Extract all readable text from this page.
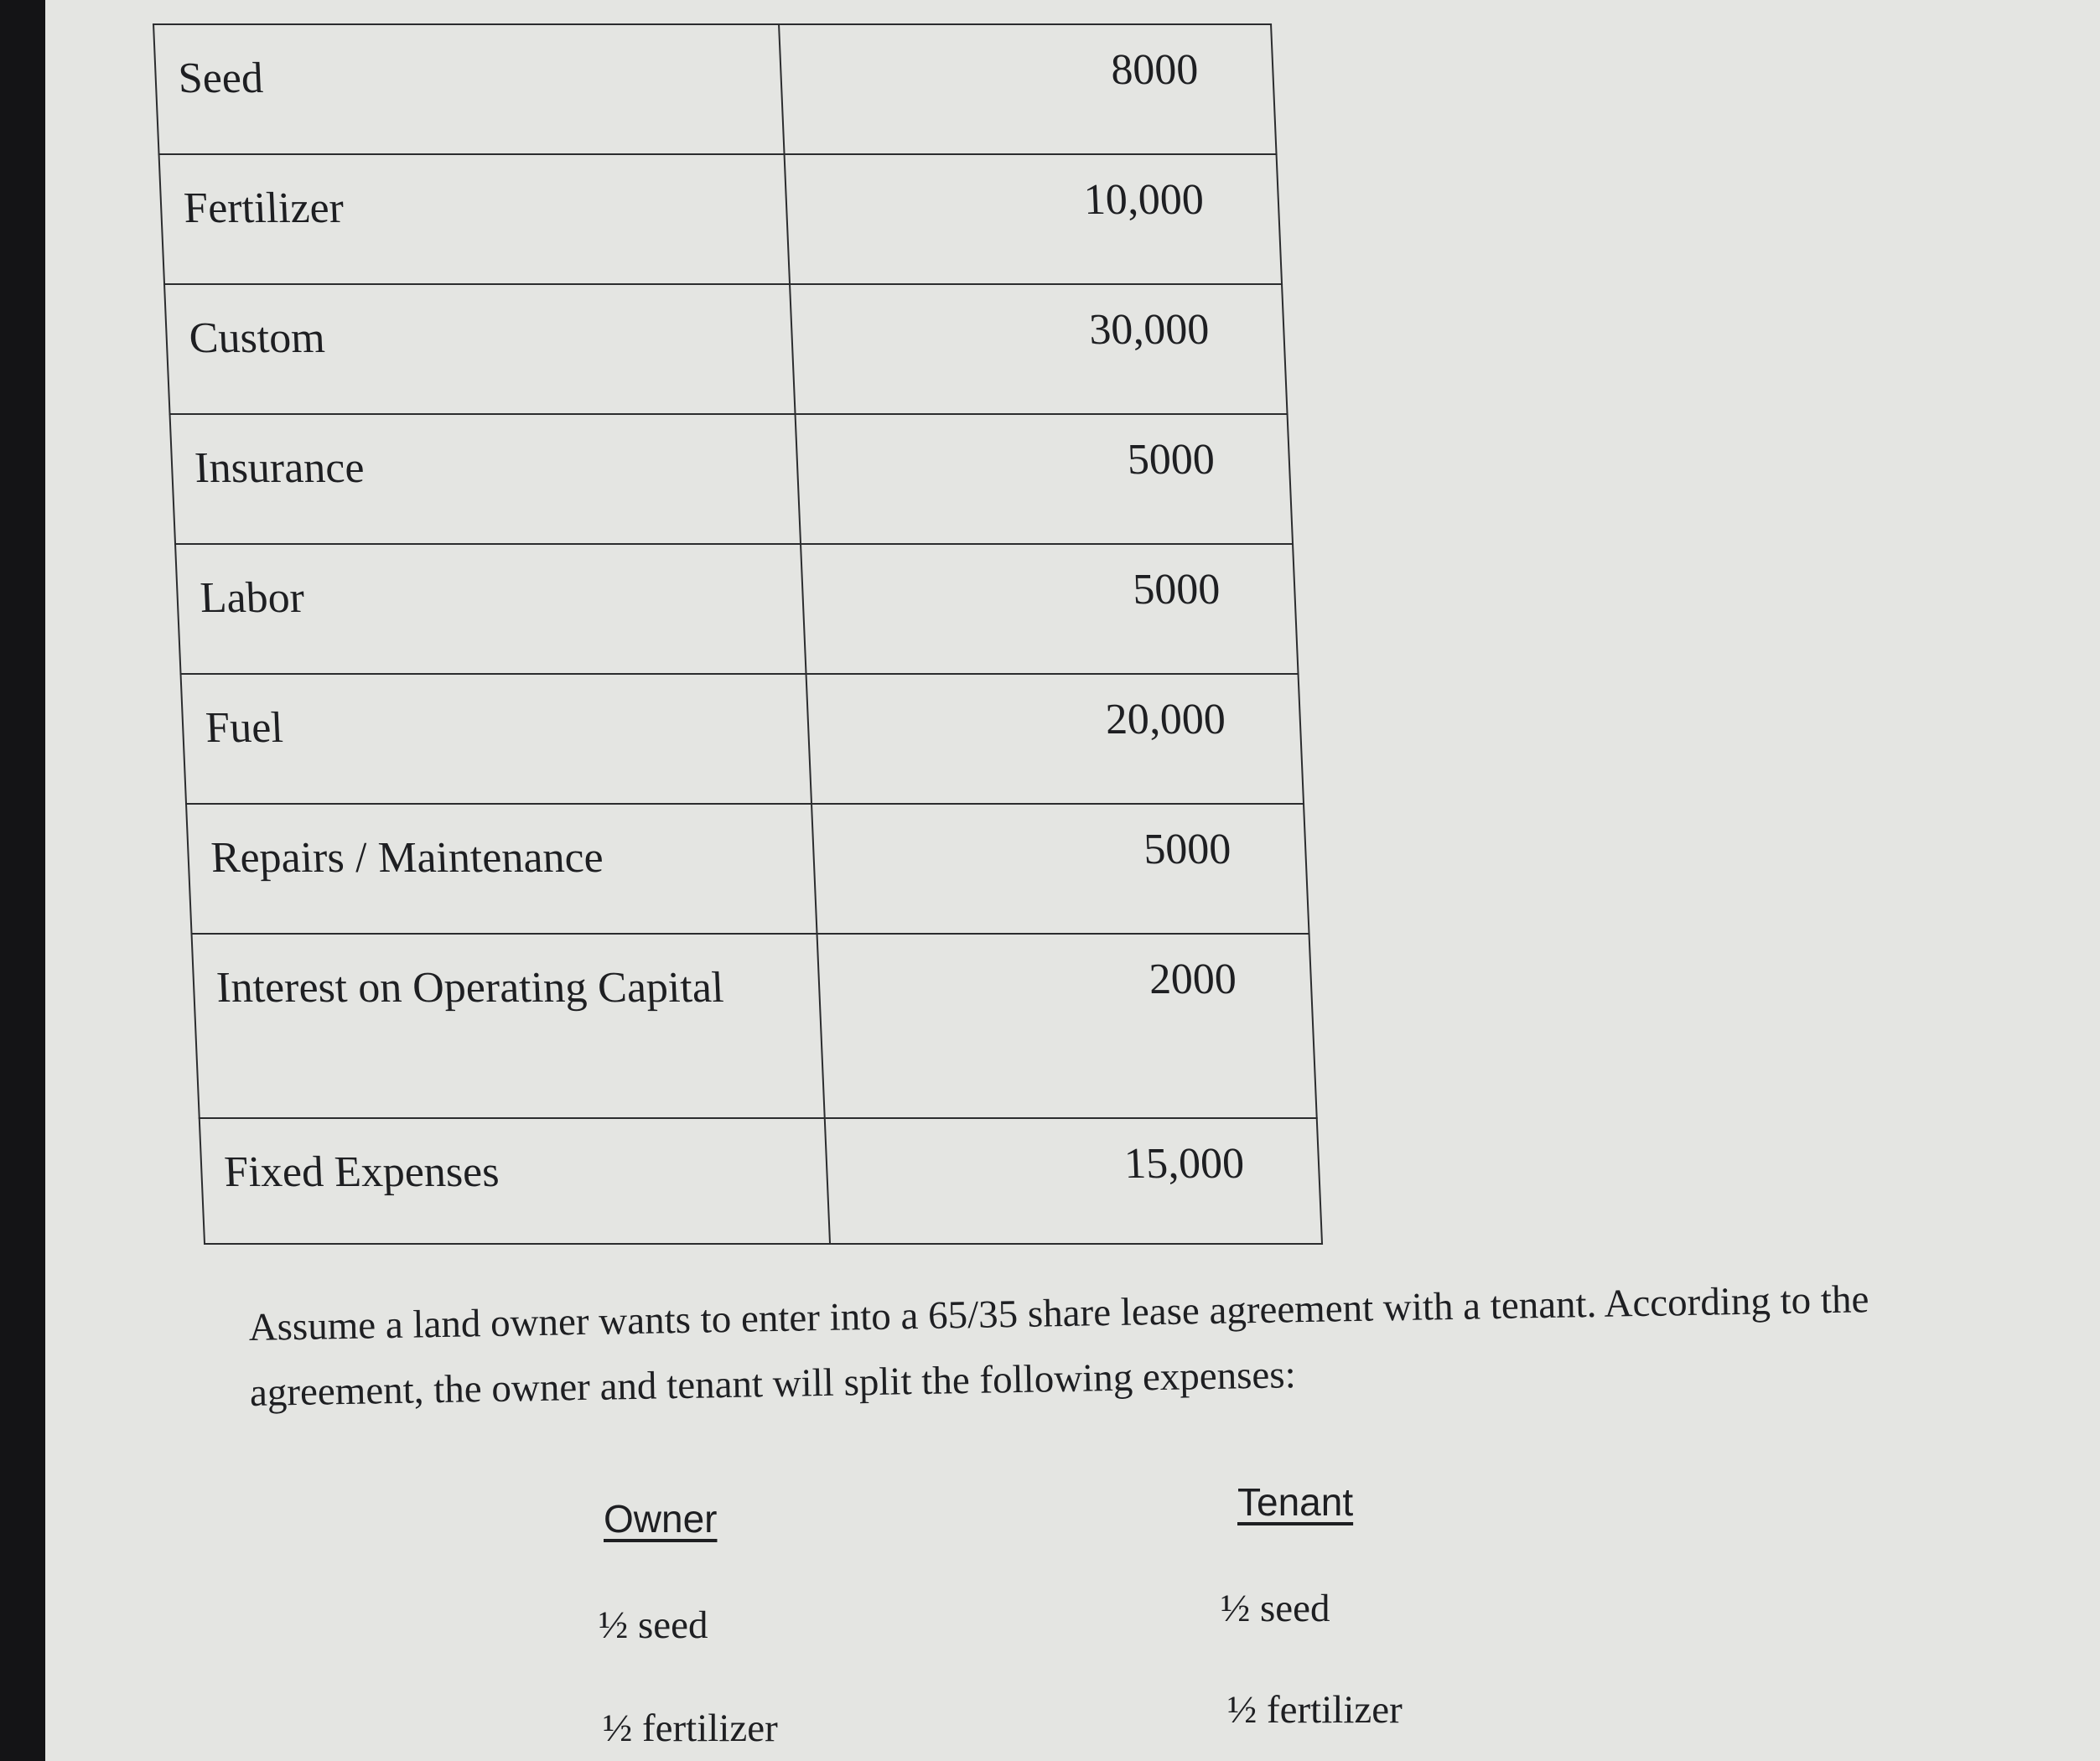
Seed	8000
Fertilizer	10,000
Custom	30,000
Insurance	5000
Labor	5000
Fuel	20,000
Repairs / Maintenance	5000
Interest on Operating Capital	2000
Fixed Expenses	15,000
Assume a land owner wants to enter into a 65/35 share lease agreement with a tenant. According to the agreement, the owner and tenant will split the following expenses:
Owner	Tenant
½ seed	½ seed
½ fertilizer	½ fertilizer
